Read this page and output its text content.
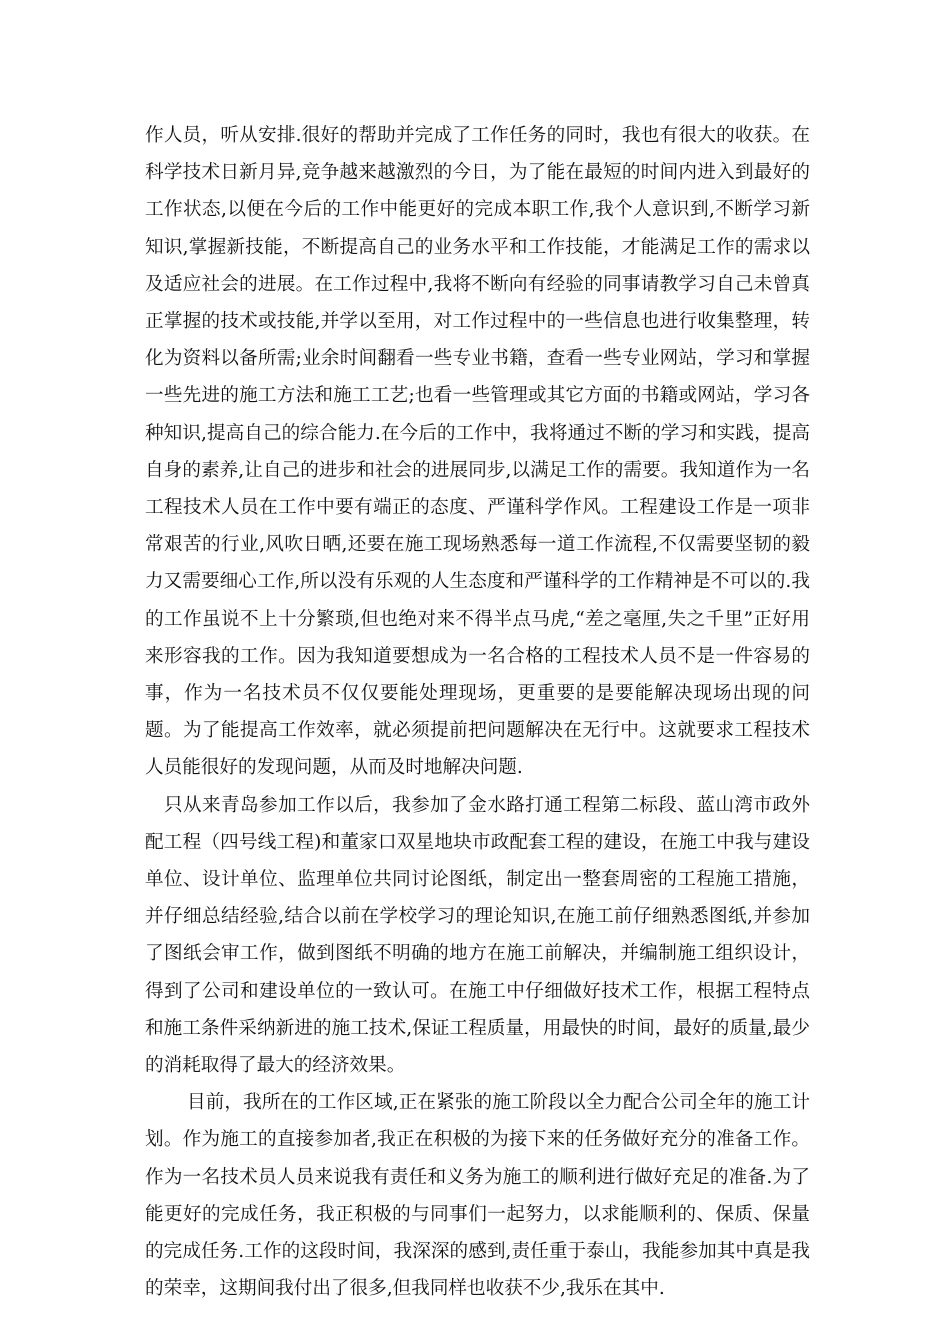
作人员，听从安排.很好的帮助并完成了工作任务的同时，我也有很大的收获。在科学技术日新月异,竞争越来越激烈的今日，为了能在最短的时间内进入到最好的工作状态,以便在今后的工作中能更好的完成本职工作,我个人意识到,不断学习新知识,掌握新技能，不断提高自己的业务水平和工作技能，才能满足工作的需求以及适应社会的进展。在工作过程中,我将不断向有经验的同事请教学习自己未曾真正掌握的技术或技能,并学以至用，对工作过程中的一些信息也进行收集整理，转化为资料以备所需;业余时间翻看一些专业书籍，查看一些专业网站，学习和掌握一些先进的施工方法和施工工艺;也看一些管理或其它方面的书籍或网站，学习各种知识,提高自己的综合能力.在今后的工作中，我将通过不断的学习和实践，提高自身的素养,让自己的进步和社会的进展同步,以满足工作的需要。我知道作为一名工程技术人员在工作中要有端正的态度、严谨科学作风。工程建设工作是一项非常艰苦的行业,风吹日晒,还要在施工现场熟悉每一道工作流程,不仅需要坚韧的毅力又需要细心工作,所以没有乐观的人生态度和严谨科学的工作精神是不可以的.我的工作虽说不上十分繁琐,但也绝对来不得半点马虎,“差之毫厘,失之千里”正好用来形容我的工作。因为我知道要想成为一名合格的工程技术人员不是一件容易的事，作为一名技术员不仅仅要能处理现场，更重要的是要能解决现场出现的问题。为了能提高工作效率，就必须提前把问题解决在无行中。这就要求工程技术人员能很好的发现问题，从而及时地解决问题.

只从来青岛参加工作以后，我参加了金水路打通工程第二标段、蓝山湾市政外配工程（四号线工程)和董家口双星地块市政配套工程的建设，在施工中我与建设单位、设计单位、监理单位共同讨论图纸，制定出一整套周密的工程施工措施，并仔细总结经验,结合以前在学校学习的理论知识,在施工前仔细熟悉图纸,并参加了图纸会审工作，做到图纸不明确的地方在施工前解决，并编制施工组织设计，得到了公司和建设单位的一致认可。在施工中仔细做好技术工作，根据工程特点和施工条件采纳新进的施工技术,保证工程质量，用最快的时间，最好的质量,最少的消耗取得了最大的经济效果。

目前，我所在的工作区域,正在紧张的施工阶段以全力配合公司全年的施工计划。作为施工的直接参加者,我正在积极的为接下来的任务做好充分的准备工作。作为一名技术员人员来说我有责任和义务为施工的顺利进行做好充足的准备.为了能更好的完成任务，我正积极的与同事们一起努力，以求能顺利的、保质、保量的完成任务.工作的这段时间，我深深的感到,责任重于泰山，我能参加其中真是我的荣幸，这期间我付出了很多,但我同样也收获不少,我乐在其中.
